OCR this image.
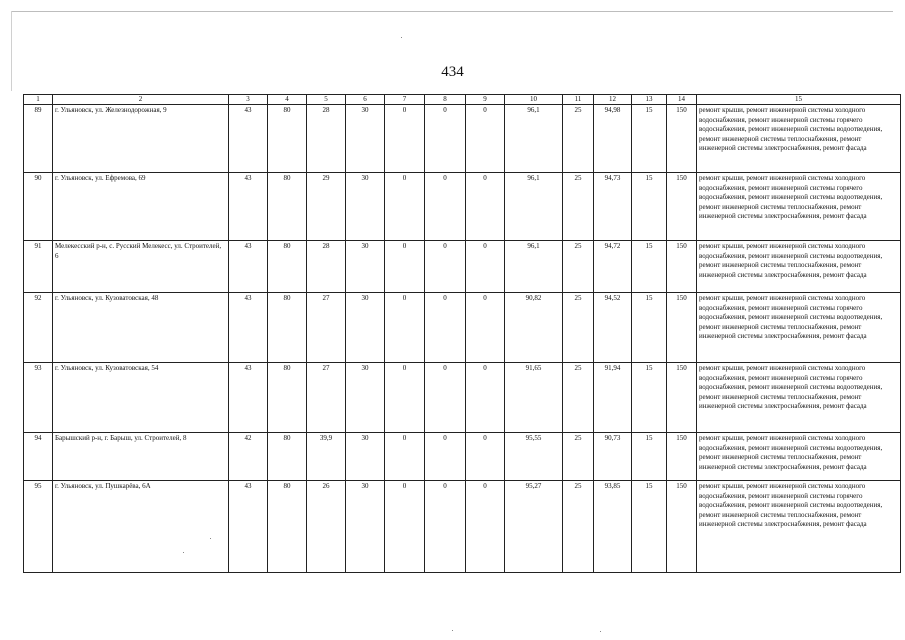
434
1	2	3	4	5	6	7	8	9	10	11	12	13	14	15
89	г. Ульяновск, ул. Железнодорожная, 9	43	80	28	30	0	0	0	96,1	25	94,98	15	150	ремонт крыши, ремонт инженерной системы холодного водоснабжения, ремонт инженерной системы горячего водоснабжения, ремонт инженерной системы водоотведения, ремонт инженерной системы теплоснабжения, ремонт инженерной системы электроснабжения, ремонт фасада
90	г. Ульяновск, ул. Ефремова, 69	43	80	29	30	0	0	0	96,1	25	94,73	15	150	ремонт крыши, ремонт инженерной системы холодного водоснабжения, ремонт инженерной системы горячего водоснабжения, ремонт инженерной системы водоотведения, ремонт инженерной системы теплоснабжения, ремонт инженерной системы электроснабжения, ремонт фасада
91	Мелекесский р-н, с. Русский Мелекесс, ул. Строителей, 6	43	80	28	30	0	0	0	96,1	25	94,72	15	150	ремонт крыши, ремонт инженерной системы холодного водоснабжения, ремонт инженерной системы водоотведения, ремонт инженерной системы теплоснабжения, ремонт инженерной системы электроснабжения, ремонт фасада
92	г. Ульяновск, ул. Кузоватовская, 48	43	80	27	30	0	0	0	90,82	25	94,52	15	150	ремонт крыши, ремонт инженерной системы холодного водоснабжения, ремонт инженерной системы горячего водоснабжения, ремонт инженерной системы водоотведения, ремонт инженерной системы теплоснабжения, ремонт инженерной системы электроснабжения, ремонт фасада
93	г. Ульяновск, ул. Кузоватовская, 54	43	80	27	30	0	0	0	91,65	25	91,94	15	150	ремонт крыши, ремонт инженерной системы холодного водоснабжения, ремонт инженерной системы горячего водоснабжения, ремонт инженерной системы водоотведения, ремонт инженерной системы теплоснабжения, ремонт инженерной системы электроснабжения, ремонт фасада
94	Барышский р-н, г. Барыш, ул. Строителей, 8	42	80	39,9	30	0	0	0	95,55	25	90,73	15	150	ремонт крыши, ремонт инженерной системы холодного водоснабжения, ремонт инженерной системы водоотведения, ремонт инженерной системы теплоснабжения, ремонт инженерной системы электроснабжения, ремонт фасада
95	г. Ульяновск, ул. Пушкарёва, 6А	43	80	26	30	0	0	0	95,27	25	93,85	15	150	ремонт крыши, ремонт инженерной системы холодного водоснабжения, ремонт инженерной системы горячего водоснабжения, ремонт инженерной системы водоотведения, ремонт инженерной системы теплоснабжения, ремонт инженерной системы электроснабжения, ремонт фасада
